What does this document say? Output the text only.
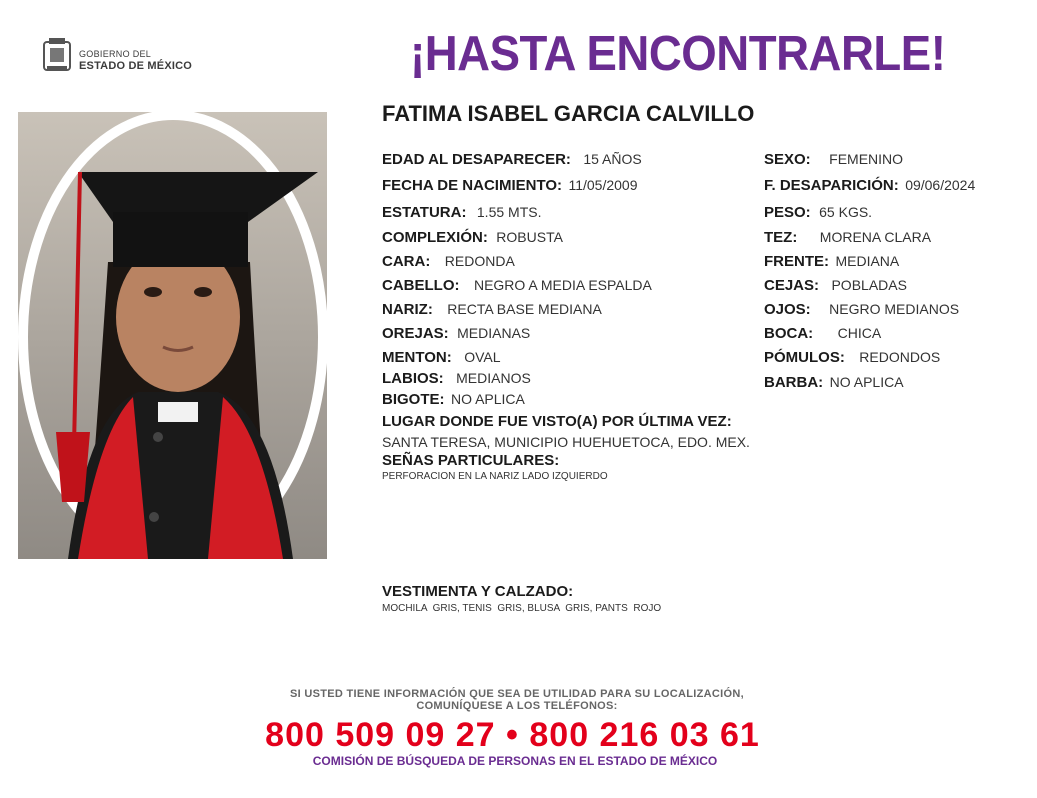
GOBIERNO DEL
ESTADO DE MÉXICO	¡HASTA ENCONTRARLE!
FATIMA ISABEL GARCIA CALVILLO
EDAD AL DESAPARECER: 15 AÑOS
FECHA DE NACIMIENTO: 11/05/2009
ESTATURA: 1.55 MTS.
COMPLEXIÓN: ROBUSTA
CARA: REDONDA
CABELLO: NEGRO A MEDIA ESPALDA
NARIZ: RECTA BASE MEDIANA
OREJAS: MEDIANAS
MENTON: OVAL
LABIOS: MEDIANOS
BIGOTE: NO APLICA
SEXO: FEMENINO
F. DESAPARICIÓN: 09/06/2024
PESO: 65 KGS.
TEZ: MORENA CLARA
FRENTE: MEDIANA
CEJAS: POBLADAS
OJOS: NEGRO MEDIANOS
BOCA: CHICA
PÓMULOS: REDONDOS
BARBA: NO APLICA
LUGAR DONDE FUE VISTO(A) POR ÚLTIMA VEZ:
SANTA TERESA, MUNICIPIO HUEHUETOCA, EDO. MEX.
SEÑAS PARTICULARES:
PERFORACION EN LA NARIZ LADO IZQUIERDO
VESTIMENTA Y CALZADO:
MOCHILA  GRIS, TENIS  GRIS, BLUSA  GRIS, PANTS  ROJO
SI USTED TIENE INFORMACIÓN QUE SEA DE UTILIDAD PARA SU LOCALIZACIÓN,
COMUNÍQUESE A LOS TELÉFONOS:
800 509 09 27 • 800 216 03 61
COMISIÓN DE BÚSQUEDA DE PERSONAS EN EL ESTADO DE MÉXICO
